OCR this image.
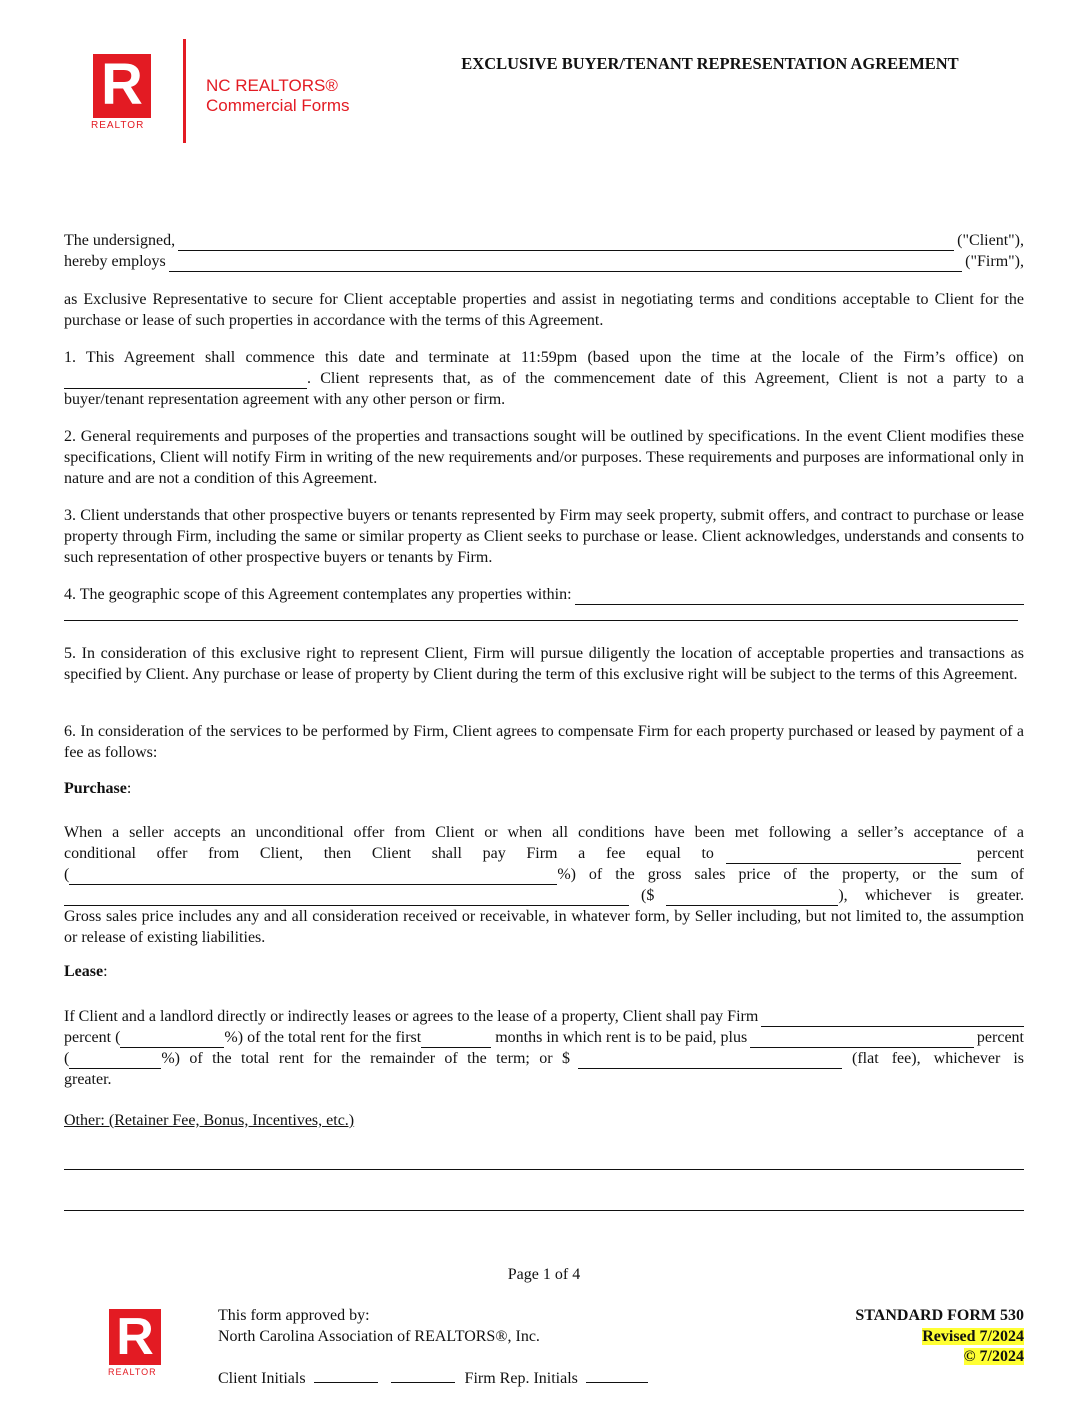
R
REALTOR
NC REALTORS®
Commercial Forms
EXCLUSIVE BUYER/TENANT REPRESENTATION AGREEMENT
The undersigned,	("Client"),
hereby employs	("Firm"),
as Exclusive Representative to secure for Client acceptable properties and assist in negotiating terms and conditions acceptable to Client for the purchase or lease of such properties in accordance with the terms of this Agreement.
1. This Agreement shall commence this date and terminate at 11:59pm (based upon the time at the locale of the Firm’s office) on
. Client represents that, as of the commencement date of this Agreement, Client is not a party to a
buyer/tenant representation agreement with any other person or firm.
2. General requirements and purposes of the properties and transactions sought will be outlined by specifications. In the event Client modifies these specifications, Client will notify Firm in writing of the new requirements and/or purposes. These requirements and purposes are informational only in nature and are not a condition of this Agreement.
3. Client understands that other prospective buyers or tenants represented by Firm may seek property, submit offers, and contract to purchase or lease property through Firm, including the same or similar property as Client seeks to purchase or lease. Client acknowledges, understands and consents to such representation of other prospective buyers or tenants by Firm.
4. The geographic scope of this Agreement contemplates any properties within:
5. In consideration of this exclusive right to represent Client, Firm will pursue diligently the location of acceptable properties and transactions as specified by Client. Any purchase or lease of property by Client during the term of this exclusive right will be subject to the terms of this Agreement.
6. In consideration of the services to be performed by Firm, Client agrees to compensate Firm for each property purchased or leased by payment of a fee as follows:
Purchase:
When a seller accepts an unconditional offer from Client or when all conditions have been met following a seller’s acceptance of a
conditional offer from Client, then Client shall pay Firm a fee equal to	percent
(	%) of the gross sales price of the property, or the sum of
($	), whichever is greater.
Gross sales price includes any and all consideration received or receivable, in whatever form, by Seller including, but not limited to, the assumption or release of existing liabilities.
Lease:
If Client and a landlord directly or indirectly leases or agrees to the lease of a property, Client shall pay Firm
percent (	%) of the total rent for the first	months in which rent is to be paid, plus	percent
(	%) of the total rent for the remainder of the term; or $	(flat fee), whichever is
greater.
Other: (Retainer Fee, Bonus, Incentives, etc.)
Page 1 of 4
R
REALTOR
This form approved by:
North Carolina Association of REALTORS®, Inc.
Client Initials	Firm Rep. Initials
STANDARD FORM 530
Revised 7/2024
© 7/2024
